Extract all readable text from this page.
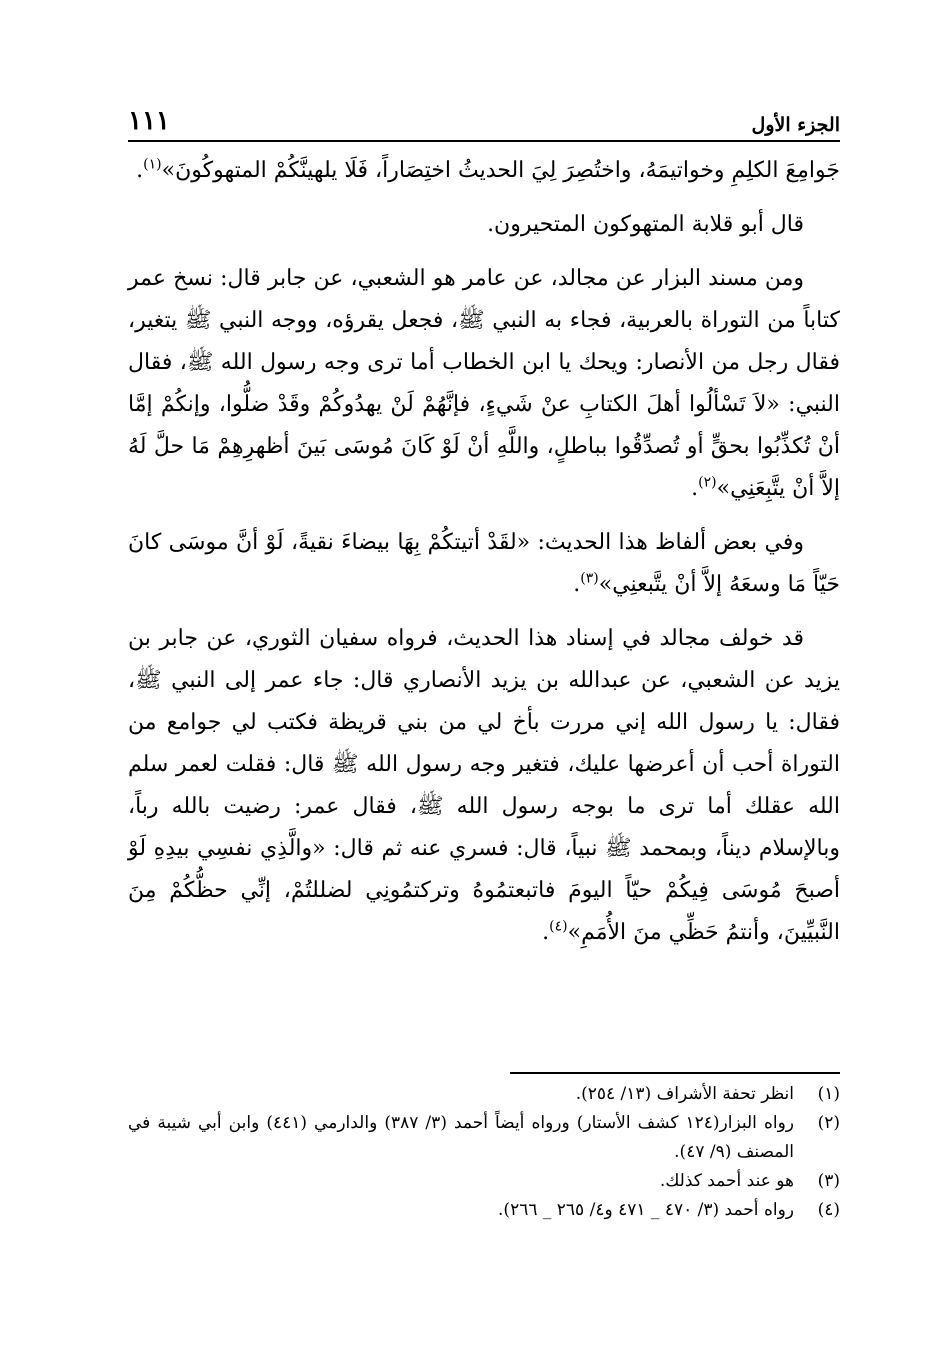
الجزء الأول
١١١

جَوامِعَ الكلِمِ وخواتيمَهُ، واختُصِرَ لِيَ الحديثُ اختِصَاراً، فَلَا يلهينَّكُمْ المتهوكُونَ»$^{(١)}$.

قال أبو قلابة المتهوكون المتحيرون.

ومن مسند البزار عن مجالد، عن عامر هو الشعبي، عن جابر قال: نسخ عمر كتاباً من التوراة بالعربية، فجاء به النبي ﷺ، فجعل يقرؤه، ووجه النبي ﷺ يتغير، فقال رجل من الأنصار: ويحك يا ابن الخطاب أما ترى وجه رسول الله ﷺ، فقال النبي: «لاَ تَسْألُوا أهلَ الكتابِ عنْ شَيءٍ، فإنَّهُمْ لَنْ يهدُوكُمْ وقَدْ ضلُّوا، وإنكُمْ إمَّا أنْ تُكذِّبُوا بحقٍّ أو تُصدِّقُوا بباطلٍ، واللَّهِ أنْ لَوْ كَانَ مُوسَى بَينَ أظهرِهِمْ مَا حلَّ لَهُ إلاَّ أنْ يتَّبِعَنِي»$^{(٢)}$.

وفي بعض ألفاظ هذا الحديث: «لقَدْ أتيتكُمْ بِهَا بيضاءَ نقيةً، لَوْ أنَّ موسَى كانَ حَيّاً مَا وسعَهُ إلاَّ أنْ يتَّبعنِي»$^{(٣)}$.

قد خولف مجالد في إسناد هذا الحديث، فرواه سفيان الثوري، عن جابر بن يزيد عن الشعبي، عن عبدالله بن يزيد الأنصاري قال: جاء عمر إلى النبي ﷺ، فقال: يا رسول الله إني مررت بأخ لي من بني قريظة فكتب لي جوامع من التوراة أحب أن أعرضها عليك، فتغير وجه رسول الله ﷺ قال: فقلت لعمر سلم الله عقلك أما ترى ما بوجه رسول الله ﷺ، فقال عمر: رضيت بالله رباً، وبالإسلام ديناً، وبمحمد ﷺ نبياً، قال: فسري عنه ثم قال: «والَّذِي نفسِي بيدِهِ لَوْ أصبحَ مُوسَى فِيكُمْ حيّاً اليومَ فاتبعتمُوهُ وتركتمُونِي لضللتُمْ، إنِّي حظُّكُمْ مِنَ النَّبيِّينَ، وأنتمُ حَظِّي منَ الأُمَمِ»$^{(٤)}$.

(١)
انظر تحفة الأشراف (١٣/ ٢٥٤).
(٢)
رواه البزار(١٢٤ كشف الأستار) ورواه أيضاً أحمد (٣/ ٣٨٧) والدارمي (٤٤١) وابن أبي شيبة في المصنف (٩/ ٤٧).
(٣)
هو عند أحمد كذلك.
(٤)
رواه أحمد (٣/ ٤٧٠ _ ٤٧١ و٤/ ٢٦٥ _ ٢٦٦).
